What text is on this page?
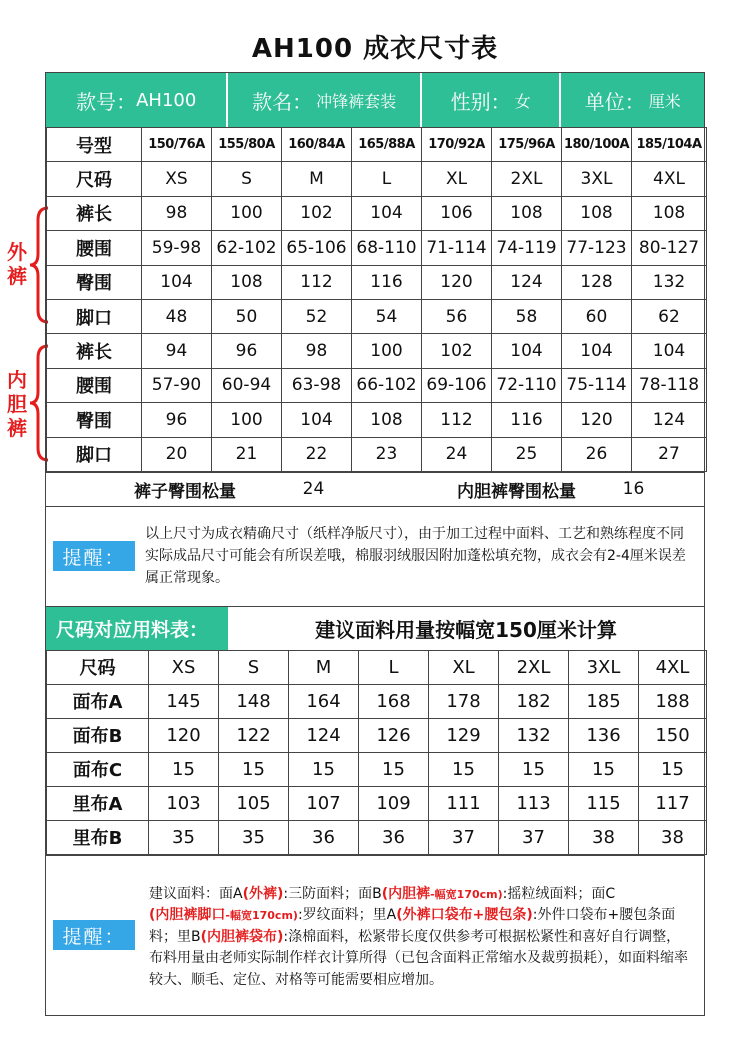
AH100 成衣尺寸表
外
裤
内
胆
裤
款号： AH100	款名： 冲锋裤套装	性别： 女	单位： 厘米
号型	150/76A	155/80A	160/84A	165/88A	170/92A	175/96A	180/100A	185/104A
尺码	XS	S	M	L	XL	2XL	3XL	4XL
裤长	98	100	102	104	106	108	108	108
腰围	59-98	62-102	65-106	68-110	71-114	74-119	77-123	80-127
臀围	104	108	112	116	120	124	128	132
脚口	48	50	52	54	56	58	60	62
裤长	94	96	98	100	102	104	104	104
腰围	57-90	60-94	63-98	66-102	69-106	72-110	75-114	78-118
臀围	96	100	104	108	112	116	120	124
脚口	20	21	22	23	24	25	26	27
裤子臀围松量	24	内胆裤臀围松量	16
提醒：
以上尺寸为成衣精确尺寸（纸样净版尺寸），由于加工过程中面料、工艺和熟练程度不同实际成品尺寸可能会有所误差哦，棉服羽绒服因附加蓬松填充物，成衣会有2-4厘米误差属正常现象。
尺码对应用料表：	建议面料用量按幅宽150厘米计算
尺码	XS	S	M	L	XL	2XL	3XL	4XL
面布A	145	148	164	168	178	182	185	188
面布B	120	122	124	126	129	132	136	150
面布C	15	15	15	15	15	15	15	15
里布A	103	105	107	109	111	113	115	117
里布B	35	35	36	36	37	37	38	38
提醒：
建议面料：面A(外裤):三防面料；面B(内胆裤-幅宽170cm):摇粒绒面料；面C
(内胆裤脚口-幅宽170cm):罗纹面料；里A(外裤口袋布+腰包条):外件口袋布+腰包条面料；里B(内胆裤袋布):涤棉面料，松紧带长度仅供参考可根据松紧性和喜好自行调整，布料用量由老师实际制作样衣计算所得（已包含面料正常缩水及裁剪损耗），如面料缩率较大、顺毛、定位、对格等可能需要相应增加。
